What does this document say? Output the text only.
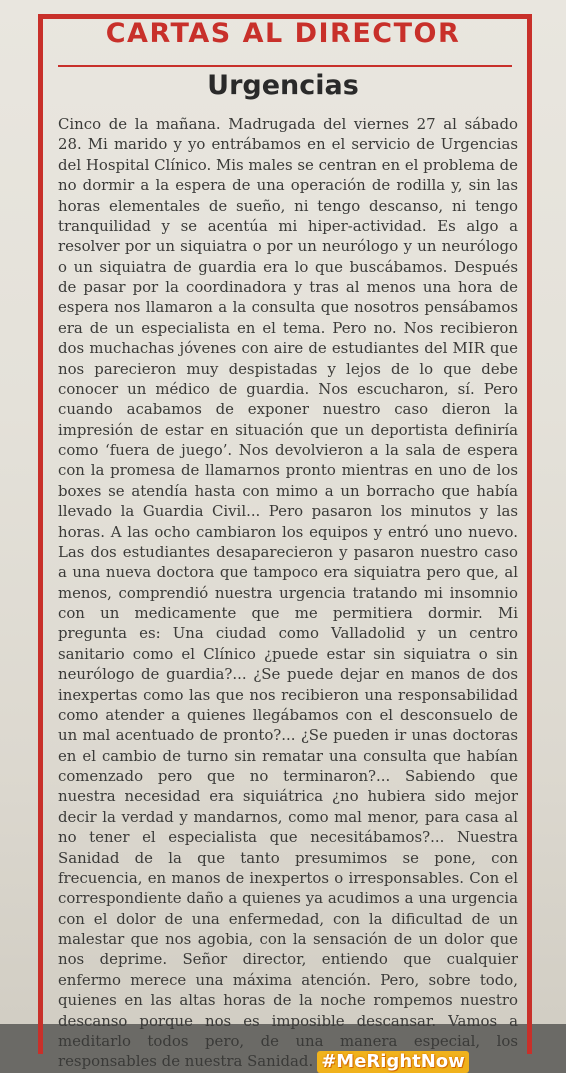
CARTAS AL DIRECTOR
Urgencias

Cinco de la mañana. Madrugada del viernes 27 al sábado 28. Mi marido y yo entrábamos en el servicio de Urgencias del Hospital Clínico. Mis males se centran en el problema de no dormir a la espera de una operación de rodilla y, sin las horas elementales de sueño, ni tengo descanso, ni tengo tranquilidad y se acentúa mi hiper-actividad. Es algo a resolver por un siquiatra o por un neurólogo y un neurólogo o un siquiatra de guardia era lo que buscábamos. Después de pasar por la coordinadora y tras al menos una hora de espera nos llamaron a la consulta que nosotros pensábamos era de un especialista en el tema. Pero no. Nos recibieron dos muchachas jóvenes con aire de estudiantes del MIR que nos parecieron muy despistadas y lejos de lo que debe conocer un médico de guardia. Nos escucharon, sí. Pero cuando acabamos de exponer nuestro caso dieron la impresión de estar en situación que un deportista definiría como ‘fuera de juego’. Nos devolvieron a la sala de espera con la promesa de llamarnos pronto mientras en uno de los boxes se atendía hasta con mimo a un borracho que había llevado la Guardia Civil... Pero pasaron los minutos y las horas. A las ocho cambiaron los equipos y entró uno nuevo. Las dos estudiantes desaparecieron y pasaron nuestro caso a una nueva doctora que tampoco era siquiatra pero que, al menos, comprendió nuestra urgencia tratando mi insomnio con un medicamente que me permitiera dormir. Mi pregunta es: Una ciudad como Valladolid y un centro sanitario como el Clínico ¿puede estar sin siquiatra o sin neurólogo de guardia?... ¿Se puede dejar en manos de dos inexpertas como las que nos recibieron una responsabilidad como atender a quienes llegábamos con el desconsuelo de un mal acentuado de pronto?... ¿Se pueden ir unas doctoras en el cambio de turno sin rematar una consulta que habían comenzado pero que no terminaron?... Sabiendo que nuestra necesidad era siquiátrica ¿no hubiera sido mejor decir la verdad y mandarnos, como mal menor, para casa al no tener el especialista que necesitábamos?... Nuestra Sanidad de la que tanto presumimos se pone, con frecuencia, en manos de inexpertos o irresponsables. Con el correspondiente daño a quienes ya acudimos a una urgencia con el dolor de una enfermedad, con la dificultad de un malestar que nos agobia, con la sensación de un dolor que nos deprime. Señor director, entiendo que cualquier enfermo merece una máxima atención. Pero, sobre todo, quienes en las altas horas de la noche rompemos nuestro descanso porque nos es imposible descansar. Vamos a meditarlo todos pero, de una manera especial, los responsables de nuestra Sanidad. #MeRightNow
